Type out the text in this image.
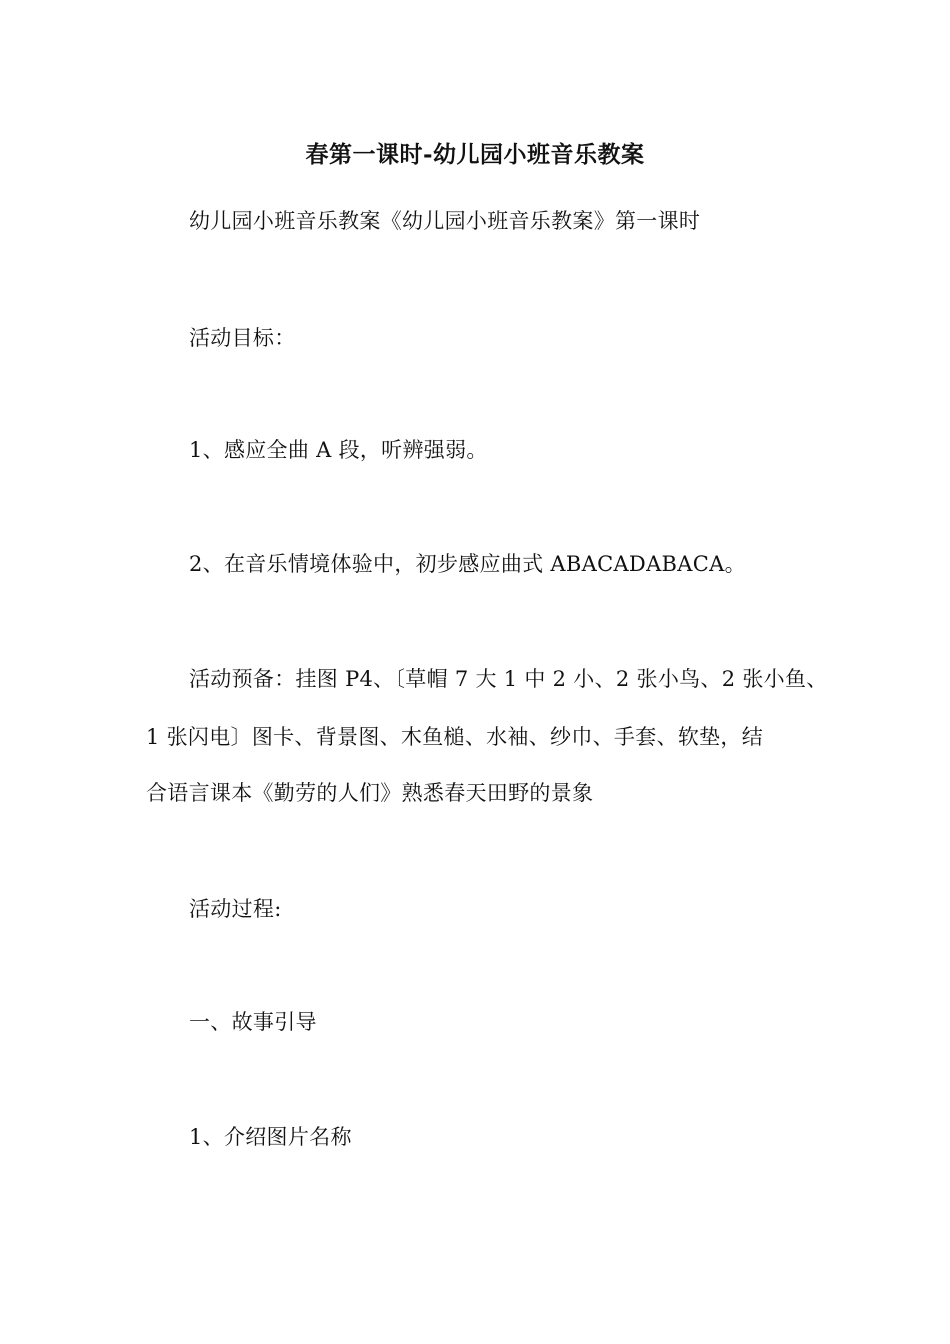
春第一课时-幼儿园小班音乐教案
幼儿园小班音乐教案《幼儿园小班音乐教案》第一课时
活动目标：
1、感应全曲 A 段，听辨强弱。
2、在音乐情境体验中，初步感应曲式 ABACADABACA。
活动预备：挂图 P4、〔草帽 7 大 1 中 2 小、2 张小鸟、2 张小鱼、
1 张闪电〕图卡、背景图、木鱼槌、水袖、纱巾、手套、软垫，结
合语言课本《勤劳的人们》熟悉春天田野的景象
活动过程:
一、故事引导
1、介绍图片名称
